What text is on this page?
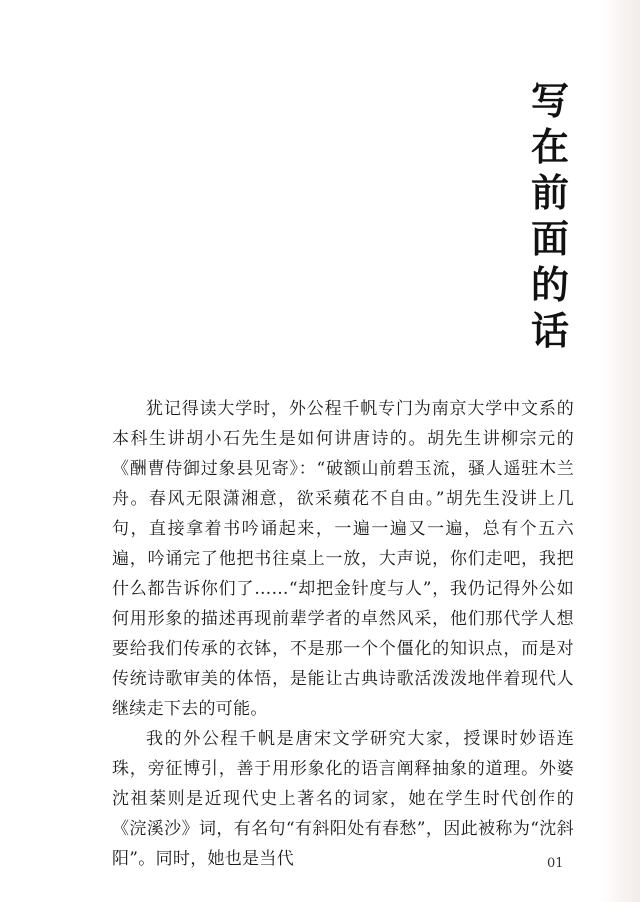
写在前面的话

犹记得读大学时，外公程千帆专门为南京大学中文系的本科生讲胡小石先生是如何讲唐诗的。胡先生讲柳宗元的《酬曹侍御过象县见寄》：“破额山前碧玉流，骚人遥驻木兰舟。春风无限潇湘意，欲采蘋花不自由。”胡先生没讲上几句，直接拿着书吟诵起来，一遍一遍又一遍，总有个五六遍，吟诵完了他把书往桌上一放，大声说，你们走吧，我把什么都告诉你们了……“却把金针度与人”，我仍记得外公如何用形象的描述再现前辈学者的卓然风采，他们那代学人想要给我们传承的衣钵，不是那一个个僵化的知识点，而是对传统诗歌审美的体悟，是能让古典诗歌活泼泼地伴着现代人继续走下去的可能。

我的外公程千帆是唐宋文学研究大家，授课时妙语连珠，旁征博引，善于用形象化的语言阐释抽象的道理。外婆沈祖棻则是近现代史上著名的词家，她在学生时代创作的《浣溪沙》词，有名句“有斜阳处有春愁”，因此被称为“沈斜阳”。同时，她也是当代	01
